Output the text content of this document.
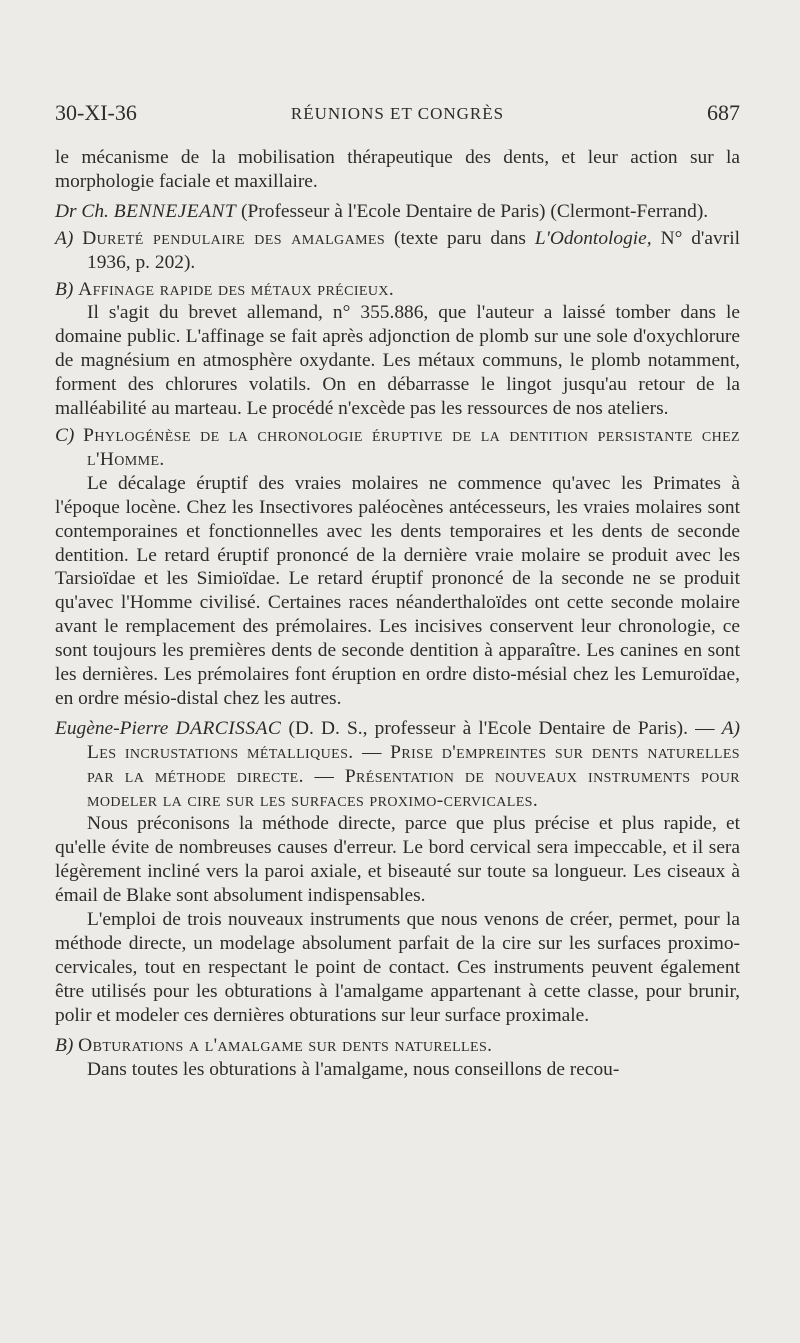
30-XI-36	RÉUNIONS ET CONGRÈS	687

le mécanisme de la mobilisation thérapeutique des dents, et leur action sur la morphologie faciale et maxillaire.

Dr Ch. BENNEJEANT (Professeur à l'Ecole Dentaire de Paris) (Clermont-Ferrand).

A) Dureté pendulaire des amalgames (texte paru dans L'Odontologie, N° d'avril 1936, p. 202).

B) Affinage rapide des métaux précieux.

Il s'agit du brevet allemand, n° 355.886, que l'auteur a laissé tomber dans le domaine public. L'affinage se fait après adjonction de plomb sur une sole d'oxychlorure de magnésium en atmosphère oxydante. Les métaux communs, le plomb notamment, forment des chlorures volatils. On en débarrasse le lingot jusqu'au retour de la malléabilité au marteau. Le procédé n'excède pas les ressources de nos ateliers.

C) Phylogénèse de la chronologie éruptive de la dentition persistante chez l'Homme.

Le décalage éruptif des vraies molaires ne commence qu'avec les Primates à l'époque locène. Chez les Insectivores paléocènes antécesseurs, les vraies molaires sont contemporaines et fonctionnelles avec les dents temporaires et les dents de seconde dentition. Le retard éruptif prononcé de la dernière vraie molaire se produit avec les Tarsioïdae et les Simioïdae. Le retard éruptif prononcé de la seconde ne se produit qu'avec l'Homme civilisé. Certaines races néanderthaloïdes ont cette seconde molaire avant le remplacement des prémolaires. Les incisives conservent leur chronologie, ce sont toujours les premières dents de seconde dentition à apparaître. Les canines en sont les dernières. Les prémolaires font éruption en ordre disto-mésial chez les Lemuroïdae, en ordre mésio-distal chez les autres.

Eugène-Pierre DARCISSAC (D. D. S., professeur à l'Ecole Dentaire de Paris). — A) Les incrustations métalliques. — Prise d'empreintes sur dents naturelles par la méthode directe. — Présentation de nouveaux instruments pour modeler la cire sur les surfaces proximo-cervicales.

Nous préconisons la méthode directe, parce que plus précise et plus rapide, et qu'elle évite de nombreuses causes d'erreur. Le bord cervical sera impeccable, et il sera légèrement incliné vers la paroi axiale, et biseauté sur toute sa longueur. Les ciseaux à émail de Blake sont absolument indispensables.

L'emploi de trois nouveaux instruments que nous venons de créer, permet, pour la méthode directe, un modelage absolument parfait de la cire sur les surfaces proximo-cervicales, tout en respectant le point de contact. Ces instruments peuvent également être utilisés pour les obturations à l'amalgame appartenant à cette classe, pour brunir, polir et modeler ces dernières obturations sur leur surface proximale.

B) Obturations a l'amalgame sur dents naturelles.

Dans toutes les obturations à l'amalgame, nous conseillons de recou-
